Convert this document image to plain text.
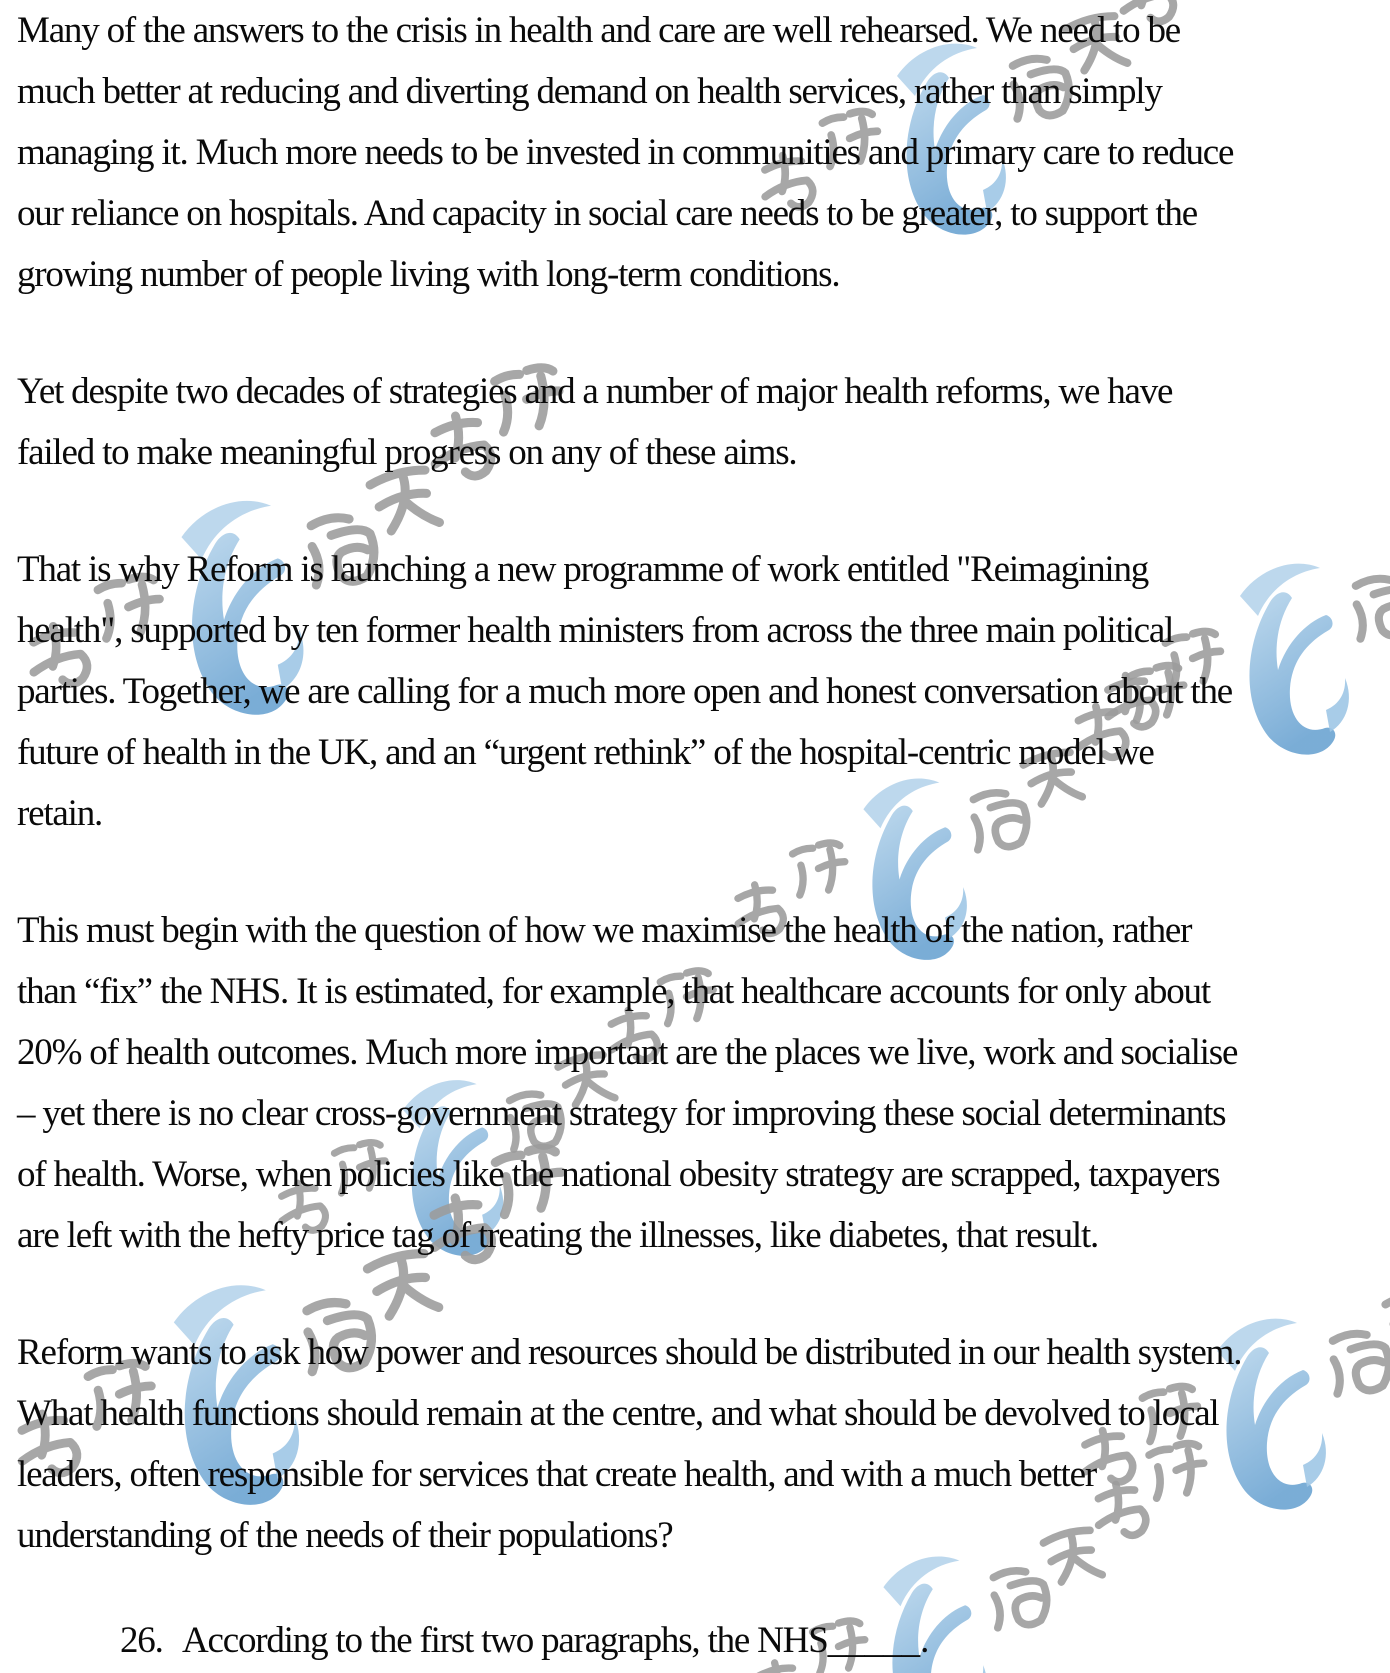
Many of the answers to the crisis in health and care are well rehearsed. We need to be
much better at reducing and diverting demand on health services, rather than simply
managing it. Much more needs to be invested in communities and primary care to reduce
our reliance on hospitals. And capacity in social care needs to be greater, to support the
growing number of people living with long-term conditions.
Yet despite two decades of strategies and a number of major health reforms, we have
failed to make meaningful progress on any of these aims.
That is why Reform is launching a new programme of work entitled "Reimagining
health", supported by ten former health ministers from across the three main political
parties. Together, we are calling for a much more open and honest conversation about the
future of health in the UK, and an “urgent rethink” of the hospital-centric model we
retain.
This must begin with the question of how we maximise the health of the nation, rather
than “fix” the NHS. It is estimated, for example, that healthcare accounts for only about
20% of health outcomes. Much more important are the places we live, work and socialise
– yet there is no clear cross-government strategy for improving these social determinants
of health. Worse, when policies like the national obesity strategy are scrapped, taxpayers
are left with the hefty price tag of treating the illnesses, like diabetes, that result.
Reform wants to ask how power and resources should be distributed in our health system.
What health functions should remain at the centre, and what should be devolved to local
leaders, often responsible for services that create health, and with a much better
understanding of the needs of their populations?
26. According to the first two paragraphs, the NHS_____.
